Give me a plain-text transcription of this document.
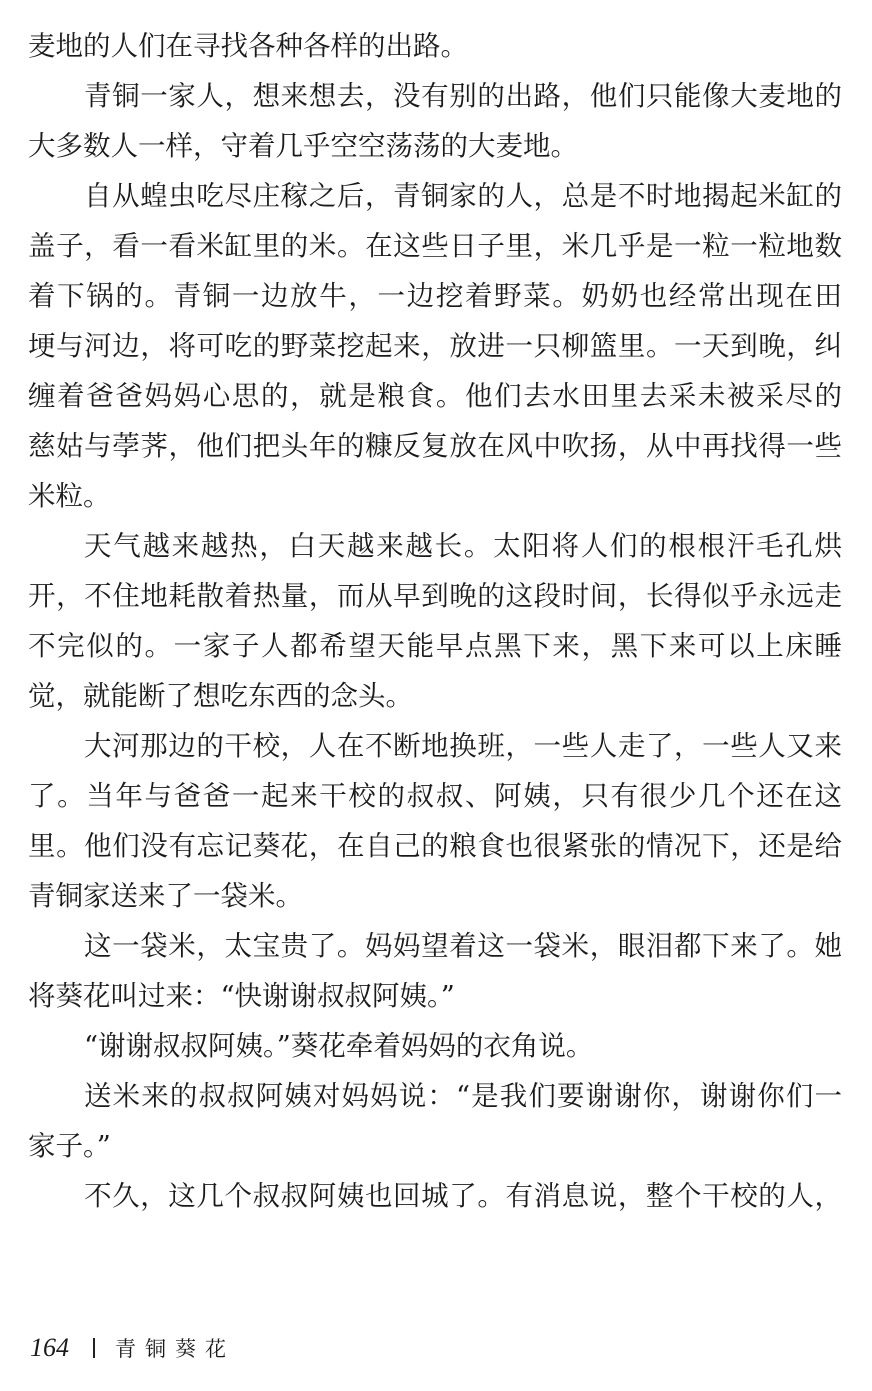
麦地的人们在寻找各种各样的出路。
青铜一家人，想来想去，没有别的出路，他们只能像大麦地的
大多数人一样，守着几乎空空荡荡的大麦地。
自从蝗虫吃尽庄稼之后，青铜家的人，总是不时地揭起米缸的
盖子，看一看米缸里的米。在这些日子里，米几乎是一粒一粒地数
着下锅的。青铜一边放牛，一边挖着野菜。奶奶也经常出现在田
埂与河边，将可吃的野菜挖起来，放进一只柳篮里。一天到晚，纠
缠着爸爸妈妈心思的，就是粮食。他们去水田里去采未被采尽的
慈姑与荸荠，他们把头年的糠反复放在风中吹扬，从中再找得一些
米粒。
天气越来越热，白天越来越长。太阳将人们的根根汗毛孔烘
开，不住地耗散着热量，而从早到晚的这段时间，长得似乎永远走
不完似的。一家子人都希望天能早点黑下来，黑下来可以上床睡
觉，就能断了想吃东西的念头。
大河那边的干校，人在不断地换班，一些人走了，一些人又来
了。当年与爸爸一起来干校的叔叔、阿姨，只有很少几个还在这
里。他们没有忘记葵花，在自己的粮食也很紧张的情况下，还是给
青铜家送来了一袋米。
这一袋米，太宝贵了。妈妈望着这一袋米，眼泪都下来了。她
将葵花叫过来：“快谢谢叔叔阿姨。”
“谢谢叔叔阿姨。”葵花牵着妈妈的衣角说。
送米来的叔叔阿姨对妈妈说：“是我们要谢谢你，谢谢你们一
家子。”
不久，这几个叔叔阿姨也回城了。有消息说，整个干校的人，
164 青铜葵花
